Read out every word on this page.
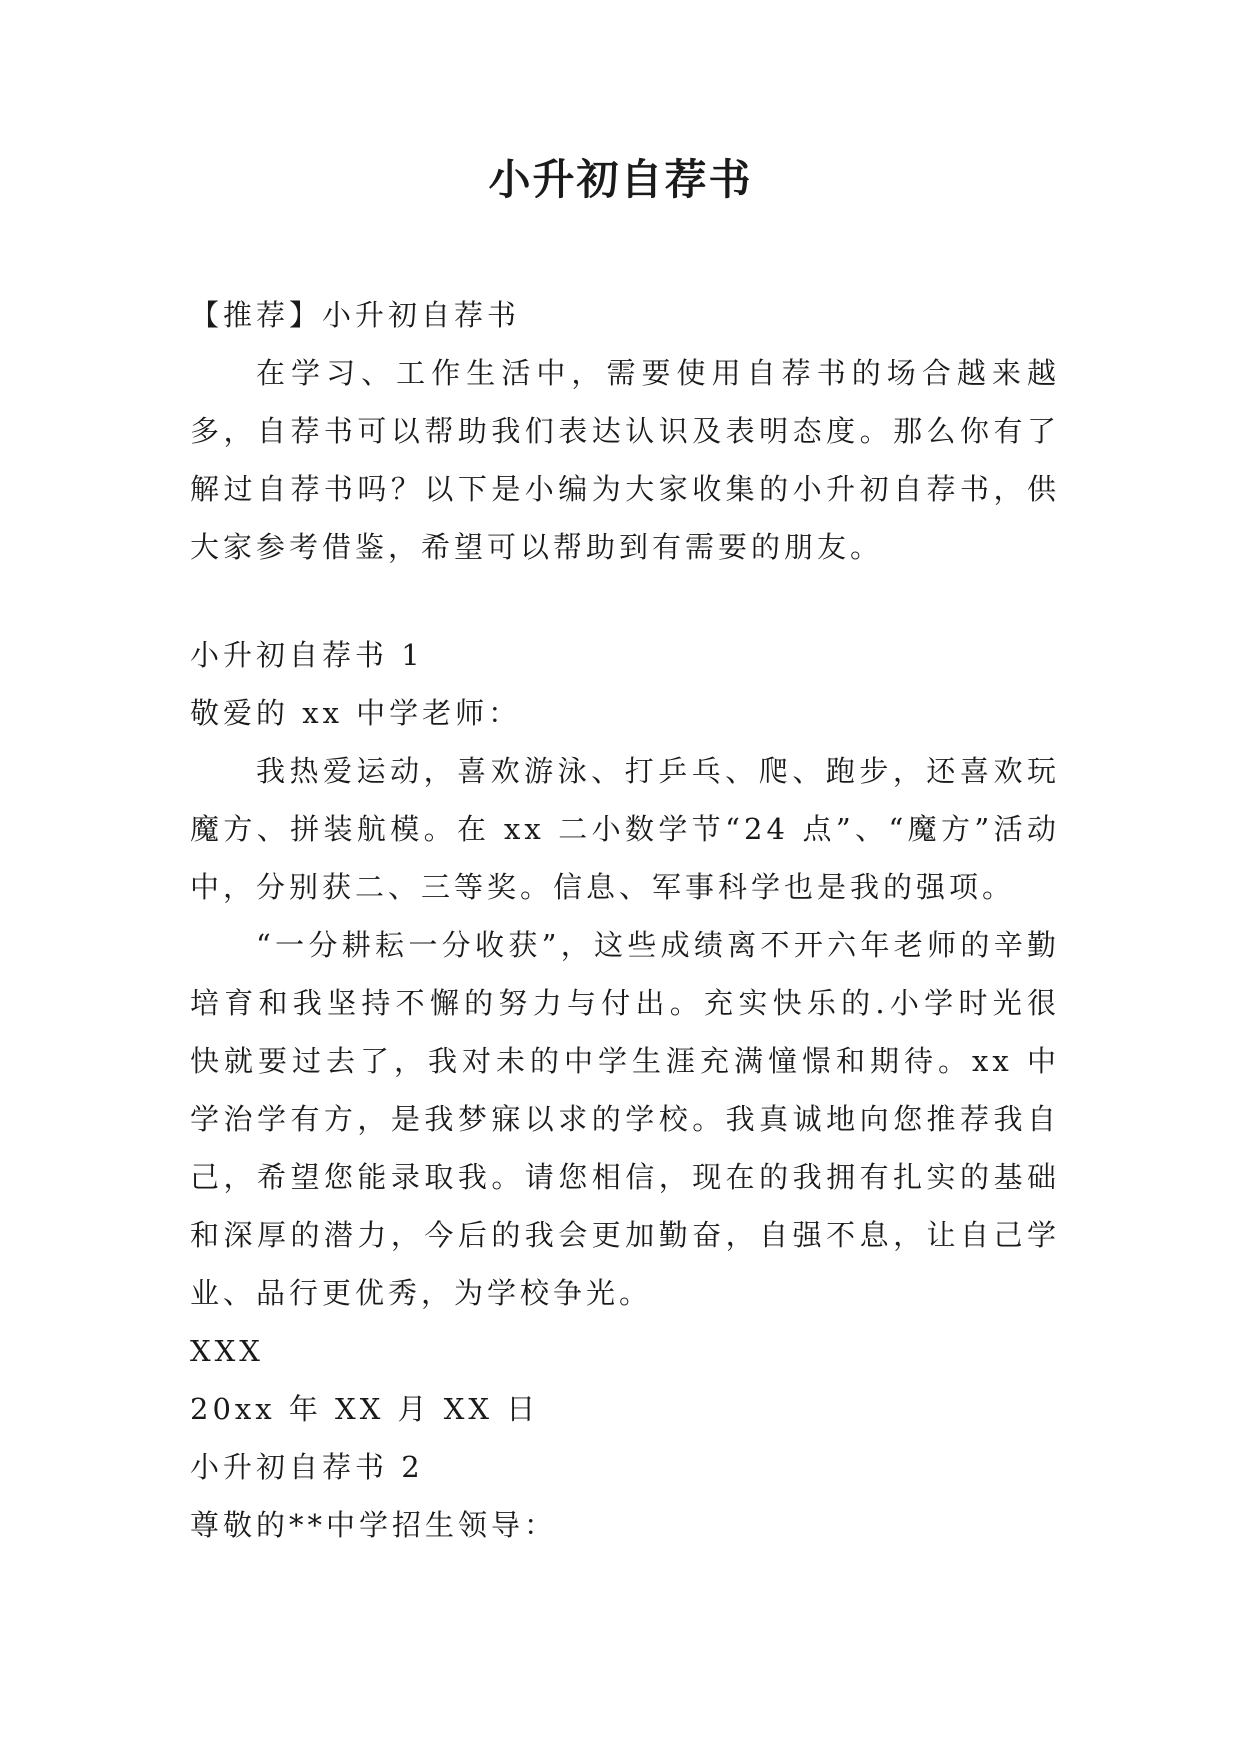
小升初自荐书

【推荐】小升初自荐书

在学习、工作生活中，需要使用自荐书的场合越来越多，自荐书可以帮助我们表达认识及表明态度。那么你有了解过自荐书吗？以下是小编为大家收集的小升初自荐书，供大家参考借鉴，希望可以帮助到有需要的朋友。

小升初自荐书 1

敬爱的 xx 中学老师：

我热爱运动，喜欢游泳、打乒乓、爬、跑步，还喜欢玩魔方、拼装航模。在 xx 二小数学节“24 点”、“魔方”活动中，分别获二、三等奖。信息、军事科学也是我的强项。

“一分耕耘一分收获”，这些成绩离不开六年老师的辛勤培育和我坚持不懈的努力与付出。充实快乐的.小学时光很快就要过去了，我对未的中学生涯充满憧憬和期待。xx 中学治学有方，是我梦寐以求的学校。我真诚地向您推荐我自己，希望您能录取我。请您相信，现在的我拥有扎实的基础和深厚的潜力，今后的我会更加勤奋，自强不息，让自己学业、品行更优秀，为学校争光。

XXX

20xx 年 XX 月 XX 日

小升初自荐书 2

尊敬的**中学招生领导：
